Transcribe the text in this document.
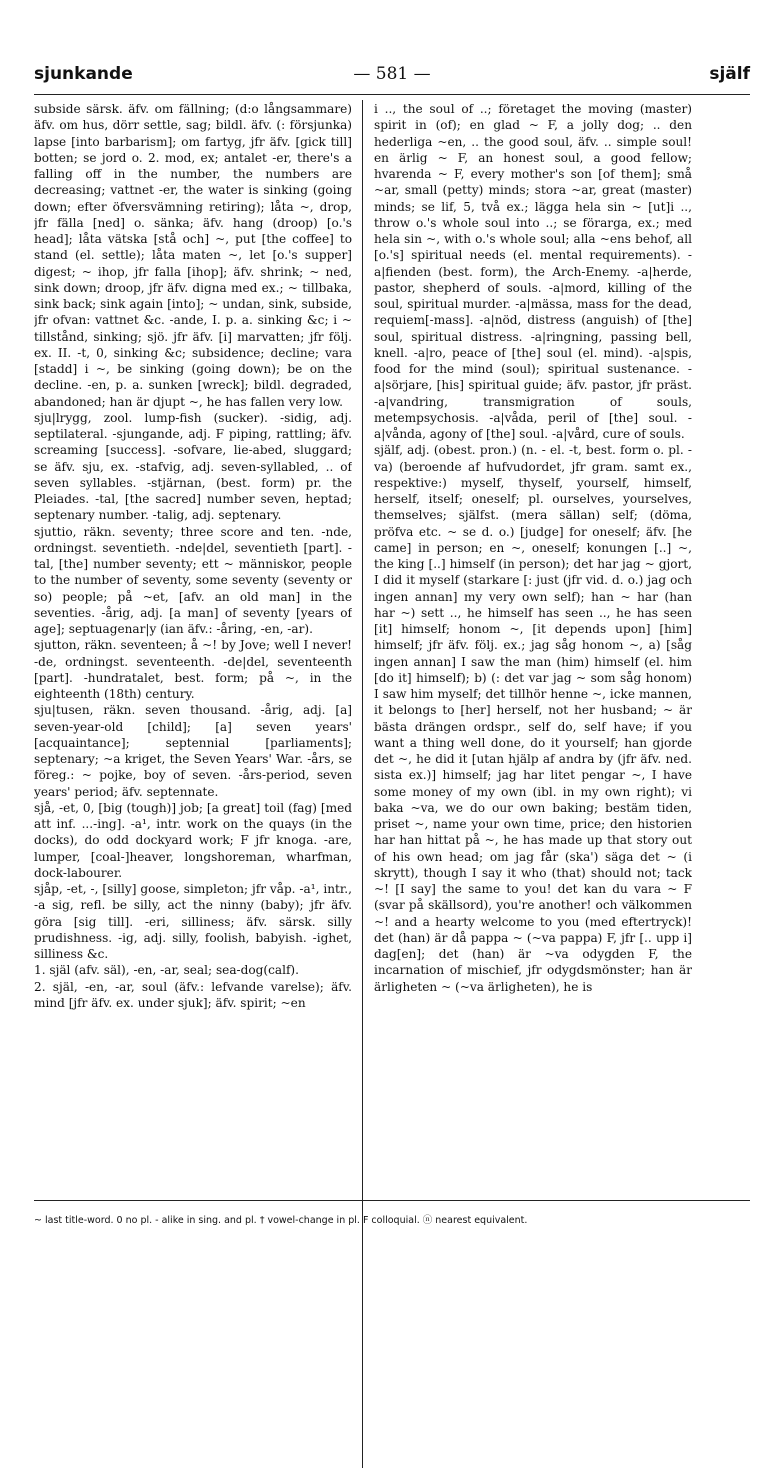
sjunkande	— 581 —	själf

subside särsk. äfv. om fällning; (d:o långsammare) äfv. om hus, dörr settle, sag; bildl. äfv. (: försjunka) lapse [into barbarism]; om fartyg, jfr äfv. [gick till] botten; se jord o. 2. mod, ex; antalet -er, there's a falling off in the number, the numbers are decreasing; vattnet -er, the water is sinking (going down; efter öfversvämning retiring); låta ~, drop, jfr fälla [ned] o. sänka; äfv. hang (droop) [o.'s head]; låta vätska [stå och] ~, put [the coffee] to stand (el. settle); låta maten ~, let [o.'s supper] digest; ~ ihop, jfr falla [ihop]; äfv. shrink; ~ ned, sink down; droop, jfr äfv. digna med ex.; ~ tillbaka, sink back; sink again [into]; ~ undan, sink, subside, jfr ofvan: vattnet &c. -ande, I. p. a. sinking &c; i ~ tillstånd, sinking; sjö. jfr äfv. [i] marvatten; jfr följ. ex. II. -t, 0, sinking &c; subsidence; decline; vara [stadd] i ~, be sinking (going down); be on the decline. -en, p. a. sunken [wreck]; bildl. degraded, abandoned; han är djupt ~, he has fallen very low.

sju|lrygg, zool. lump-fish (sucker). -sidig, adj. septilateral. -sjungande, adj. F piping, rattling; äfv. screaming [success]. -sofvare, lie-abed, sluggard; se äfv. sju, ex. -stafvig, adj. seven-syllabled, .. of seven syllables. -stjärnan, (best. form) pr. the Pleiades. -tal, [the sacred] number seven, heptad; septenary number. -talig, adj. septenary.

sjuttio, räkn. seventy; three score and ten. -nde, ordningst. seventieth. -nde|del, seventieth [part]. -tal, [the] number seventy; ett ~ människor, people to the number of seventy, some seventy (seventy or so) people; på ~et, [afv. an old man] in the seventies. -årig, adj. [a man] of seventy [years of age]; septuagenar|y (ian äfv.: -åring, -en, -ar).

sjutton, räkn. seventeen; å ~! by Jove; well I never! -de, ordningst. seventeenth. -de|del, seventeenth [part]. -hundratalet, best. form; på ~, in the eighteenth (18th) century.

sju|tusen, räkn. seven thousand. -årig, adj. [a] seven-year-old [child]; [a] seven years' [acquaintance]; septennial [parliaments]; septenary; ~a kriget, the Seven Years' War. -års, se föreg.: ~ pojke, boy of seven. -års-period, seven years' period; äfv. septennate.

sjå, -et, 0, [big (tough)] job; [a great] toil (fag) [med att inf. ...-ing]. -a¹, intr. work on the quays (in the docks), do odd dockyard work; F jfr knoga. -are, lumper, [coal-]heaver, longshoreman, wharfman, dock-labourer.

sjåp, -et, -, [silly] goose, simpleton; jfr våp. -a¹, intr., -a sig, refl. be silly, act the ninny (baby); jfr äfv. göra [sig till]. -eri, silliness; äfv. särsk. silly prudishness. -ig, adj. silly, foolish, babyish. -ighet, silliness &c.

1. själ (afv. säl), -en, -ar, seal; sea-dog(calf).

2. själ, -en, -ar, soul (äfv.: lefvande varelse); äfv. mind [jfr äfv. ex. under sjuk]; äfv. spirit; ~en

i .., the soul of ..; företaget the moving (master) spirit in (of); en glad ~ F, a jolly dog; .. den hederliga ~en, .. the good soul, äfv. .. simple soul! en ärlig ~ F, an honest soul, a good fellow; hvarenda ~ F, every mother's son [of them]; små ~ar, small (petty) minds; stora ~ar, great (master) minds; se lif, 5, två ex.; lägga hela sin ~ [ut]i .., throw o.'s whole soul into ..; se förarga, ex.; med hela sin ~, with o.'s whole soul; alla ~ens behof, all [o.'s] spiritual needs (el. mental requirements). -a|fienden (best. form), the Arch-Enemy. -a|herde, pastor, shepherd of souls. -a|mord, killing of the soul, spiritual murder. -a|mässa, mass for the dead, requiem[-mass]. -a|nöd, distress (anguish) of [the] soul, spiritual distress. -a|ringning, passing bell, knell. -a|ro, peace of [the] soul (el. mind). -a|spis, food for the mind (soul); spiritual sustenance. -a|sörjare, [his] spiritual guide; äfv. pastor, jfr präst. -a|vandring, transmigration of souls, metempsychosis. -a|våda, peril of [the] soul. -a|vånda, agony of [the] soul. -a|vård, cure of souls.

själf, adj. (obest. pron.) (n. - el. -t, best. form o. pl. -va) (beroende af hufvudordet, jfr gram. samt ex., respektive:) myself, thyself, yourself, himself, herself, itself; oneself; pl. ourselves, yourselves, themselves; själfst. (mera sällan) self; (döma, pröfva etc. ~ se d. o.) [judge] for oneself; äfv. [he came] in person; en ~, oneself; konungen [..] ~, the king [..] himself (in person); det har jag ~ gjort, I did it myself (starkare [: just (jfr vid. d. o.) jag och ingen annan] my very own self); han ~ har (han har ~) sett .., he himself has seen .., he has seen [it] himself; honom ~, [it depends upon] [him] himself; jfr äfv. följ. ex.; jag såg honom ~, a) [såg ingen annan] I saw the man (him) himself (el. him [do it] himself); b) (: det var jag ~ som såg honom) I saw him myself; det tillhör henne ~, icke mannen, it belongs to [her] herself, not her husband; ~ är bästa drängen ordspr., self do, self have; if you want a thing well done, do it yourself; han gjorde det ~, he did it [utan hjälp af andra by (jfr äfv. ned. sista ex.)] himself; jag har litet pengar ~, I have some money of my own (ibl. in my own right); vi baka ~va, we do our own baking; bestäm tiden, priset ~, name your own time, price; den historien har han hittat på ~, he has made up that story out of his own head; om jag får (ska') säga det ~ (i skrytt), though I say it who (that) should not; tack ~! [I say] the same to you! det kan du vara ~ F (svar på skällsord), you're another! och välkommen ~! and a hearty welcome to you (med eftertryck)! det (han) är då pappa ~ (~va pappa) F, jfr [.. upp i] dag[en]; det (han) är ~va odygden F, the incarnation of mischief, jfr odygdsmönster; han är ärligheten ~ (~va ärligheten), he is

~ last title-word. 0 no pl. - alike in sing. and pl. † vowel-change in pl. F colloquial. ⓝ nearest equivalent.
